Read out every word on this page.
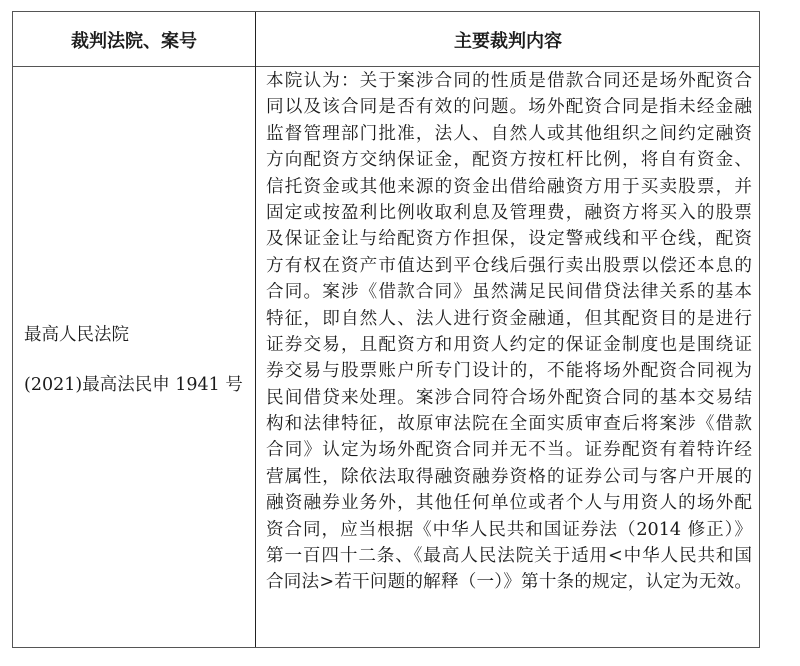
裁判法院、案号	主要裁判内容
最高人民法院
(2021)最高法民申 1941 号
本院认为：关于案涉合同的性质是借款合同还是场外配资合
同以及该合同是否有效的问题。场外配资合同是指未经金融
监督管理部门批准，法人、自然人或其他组织之间约定融资
方向配资方交纳保证金，配资方按杠杆比例，将自有资金、
信托资金或其他来源的资金出借给融资方用于买卖股票，并
固定或按盈利比例收取利息及管理费，融资方将买入的股票
及保证金让与给配资方作担保，设定警戒线和平仓线，配资
方有权在资产市值达到平仓线后强行卖出股票以偿还本息的
合同。案涉《借款合同》虽然满足民间借贷法律关系的基本
特征，即自然人、法人进行资金融通，但其配资目的是进行
证券交易，且配资方和用资人约定的保证金制度也是围绕证
券交易与股票账户所专门设计的，不能将场外配资合同视为
民间借贷来处理。案涉合同符合场外配资合同的基本交易结
构和法律特征，故原审法院在全面实质审查后将案涉《借款
合同》认定为场外配资合同并无不当。证券配资有着特许经
营属性，除依法取得融资融券资格的证券公司与客户开展的
融资融券业务外，其他任何单位或者个人与用资人的场外配
资合同，应当根据《中华人民共和国证券法（2014 修正）》
第一百四十二条、《最高人民法院关于适用<中华人民共和国
合同法>若干问题的解释（一）》第十条的规定，认定为无效。
